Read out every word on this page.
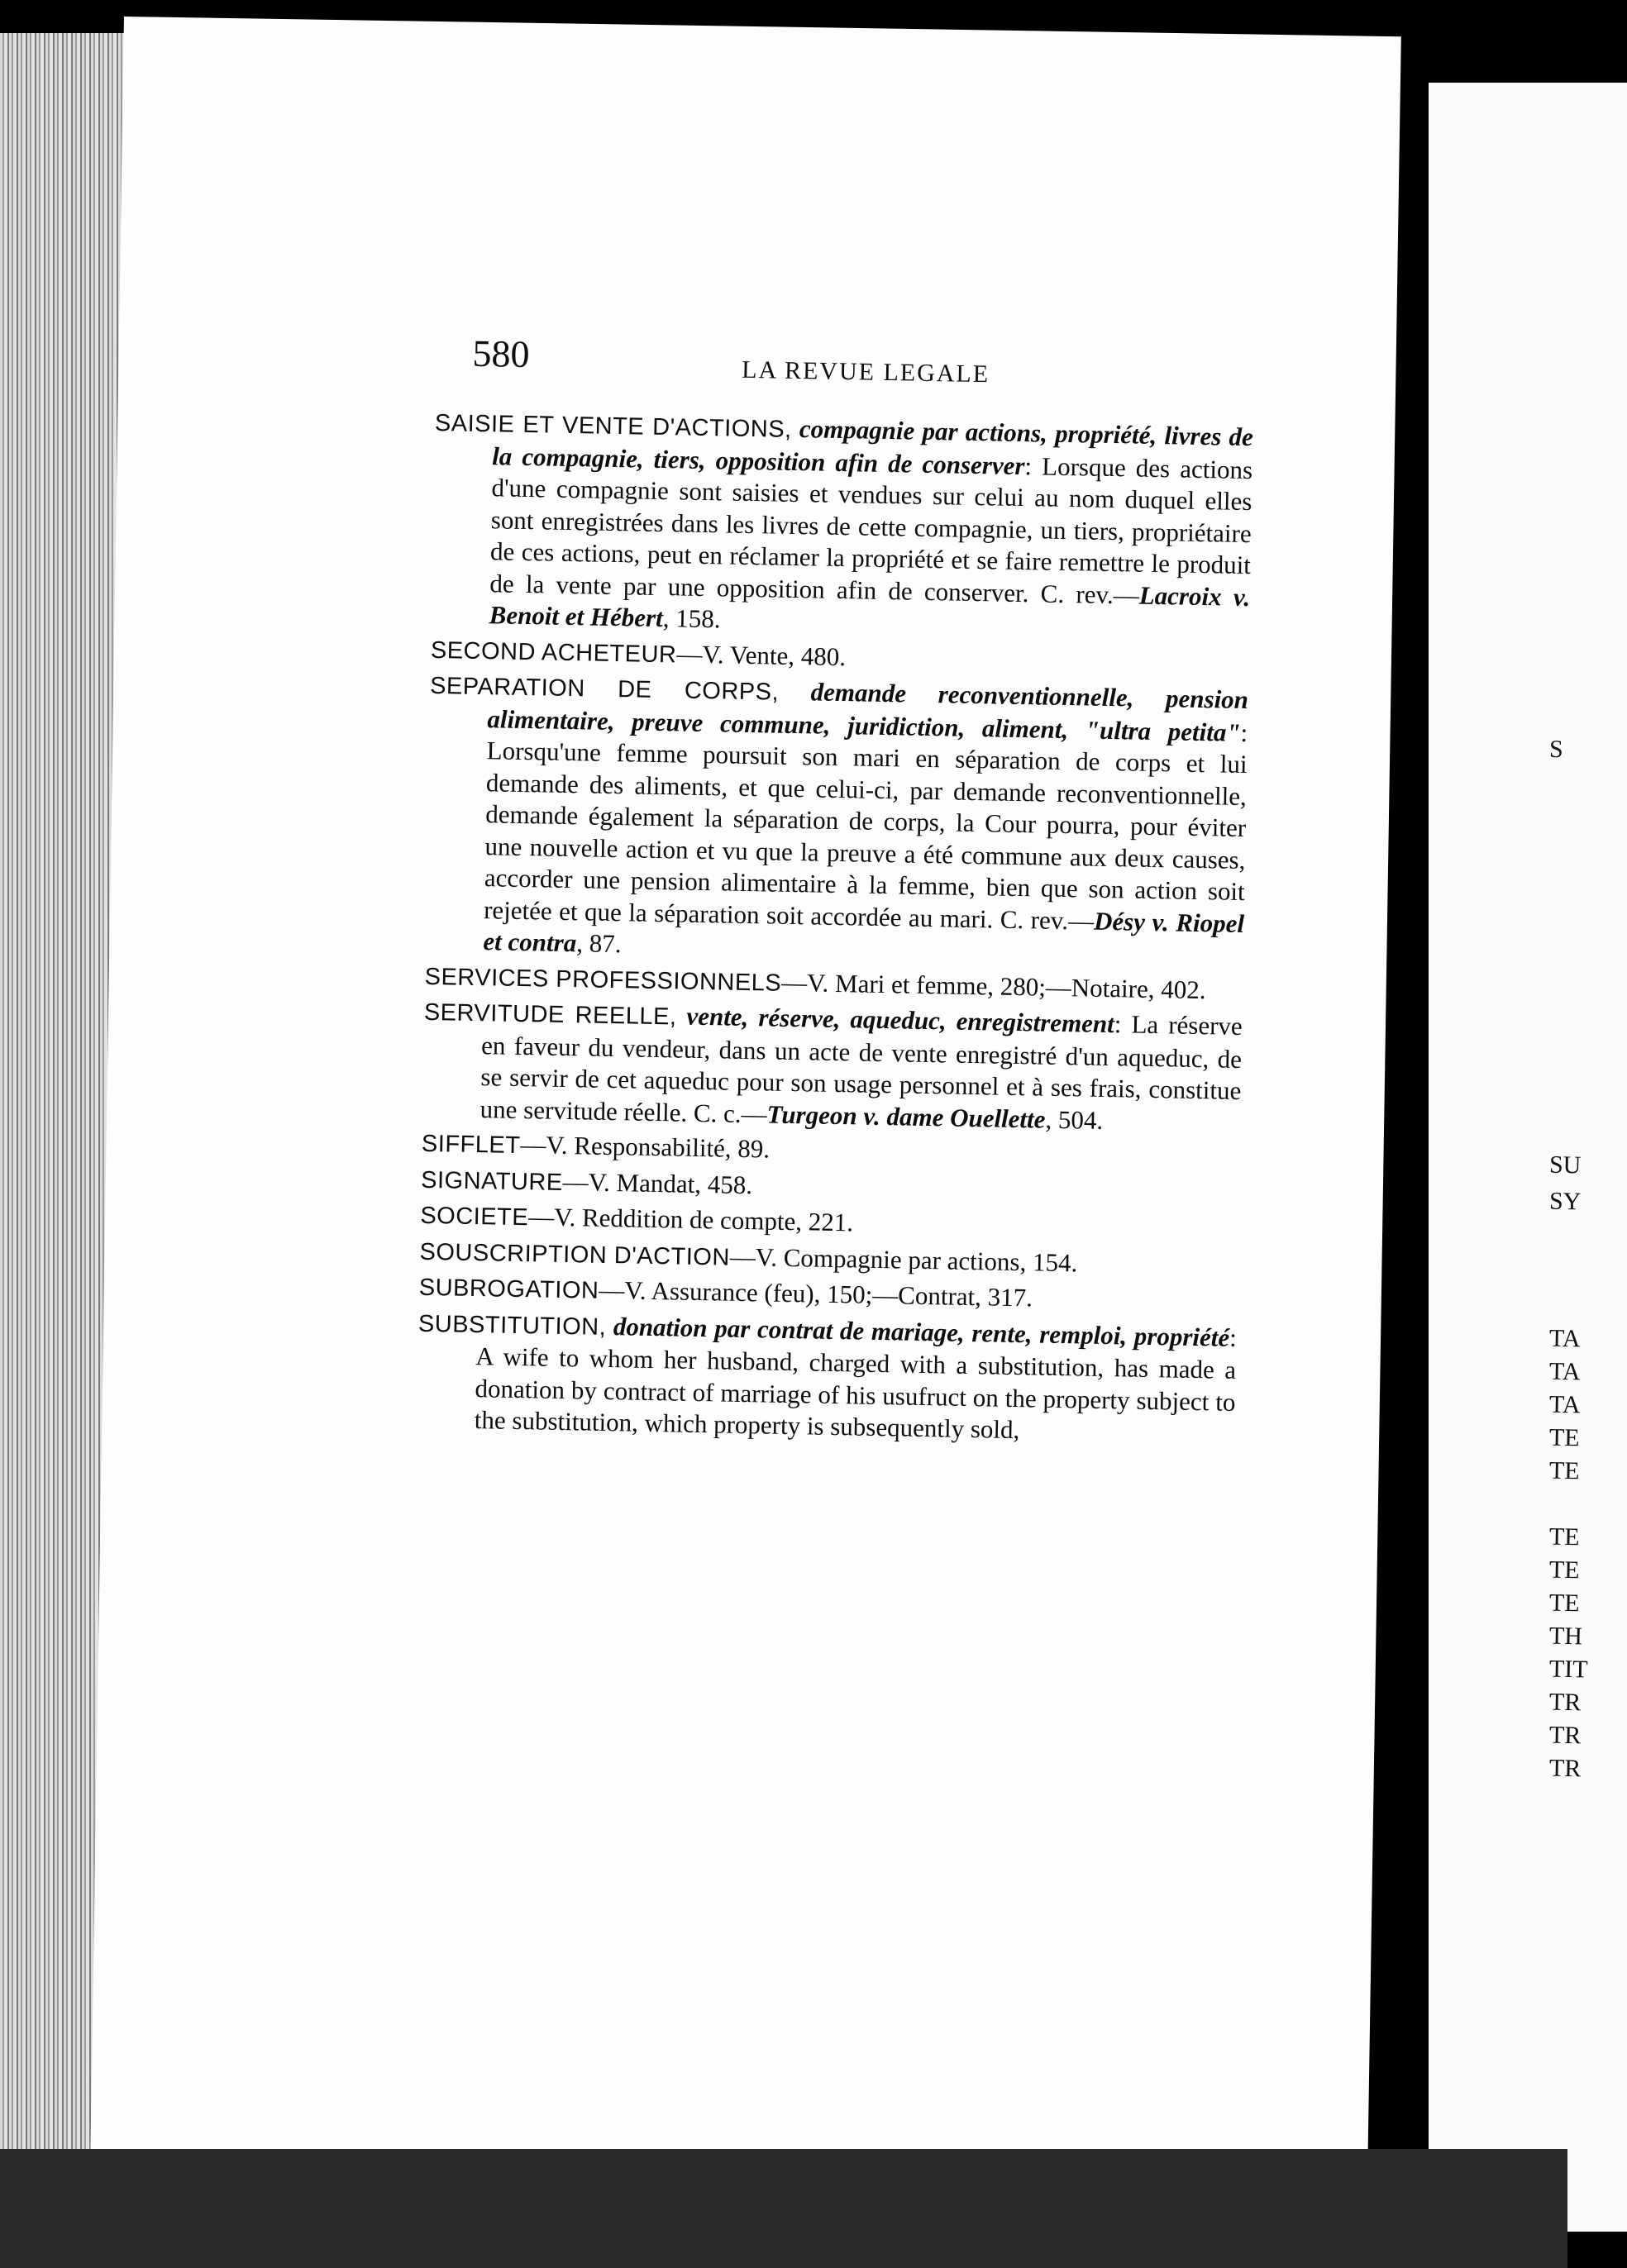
580	LA REVUE LEGALE

SAISIE ET VENTE D'ACTIONS, compagnie par actions, propriété, livres de la compagnie, tiers, opposition afin de conserver: Lorsque des actions d'une compagnie sont saisies et vendues sur celui au nom duquel elles sont enregistrées dans les livres de cette compagnie, un tiers, propriétaire de ces actions, peut en réclamer la propriété et se faire remettre le produit de la vente par une opposition afin de conserver. C. rev.—Lacroix v. Benoit et Hébert, 158.

SECOND ACHETEUR—V. Vente, 480.

SEPARATION DE CORPS, demande reconventionnelle, pension alimentaire, preuve commune, juridiction, aliment, "ultra petita": Lorsqu'une femme poursuit son mari en séparation de corps et lui demande des aliments, et que celui-ci, par demande reconventionnelle, demande également la séparation de corps, la Cour pourra, pour éviter une nouvelle action et vu que la preuve a été commune aux deux causes, accorder une pension alimentaire à la femme, bien que son action soit rejetée et que la séparation soit accordée au mari. C. rev.—Désy v. Riopel et contra, 87.

SERVICES PROFESSIONNELS—V. Mari et femme, 280;—Notaire, 402.

SERVITUDE REELLE, vente, réserve, aqueduc, enregistrement: La réserve en faveur du vendeur, dans un acte de vente enregistré d'un aqueduc, de se servir de cet aqueduc pour son usage personnel et à ses frais, constitue une servitude réelle. C. c.—Turgeon v. dame Ouellette, 504.

SIFFLET—V. Responsabilité, 89.

SIGNATURE—V. Mandat, 458.

SOCIETE—V. Reddition de compte, 221.

SOUSCRIPTION D'ACTION—V. Compagnie par actions, 154.

SUBROGATION—V. Assurance (feu), 150;—Contrat, 317.

SUBSTITUTION, donation par contrat de mariage, rente, remploi, propriété: A wife to whom her husband, charged with a substitution, has made a donation by contract of marriage of his usufruct on the property subject to the substitution, which property is subsequently sold,

S
SU
SY
TA
TA
TA
TE
TE
TE
TE
TE
TH
TIT
TR
TR
TR
